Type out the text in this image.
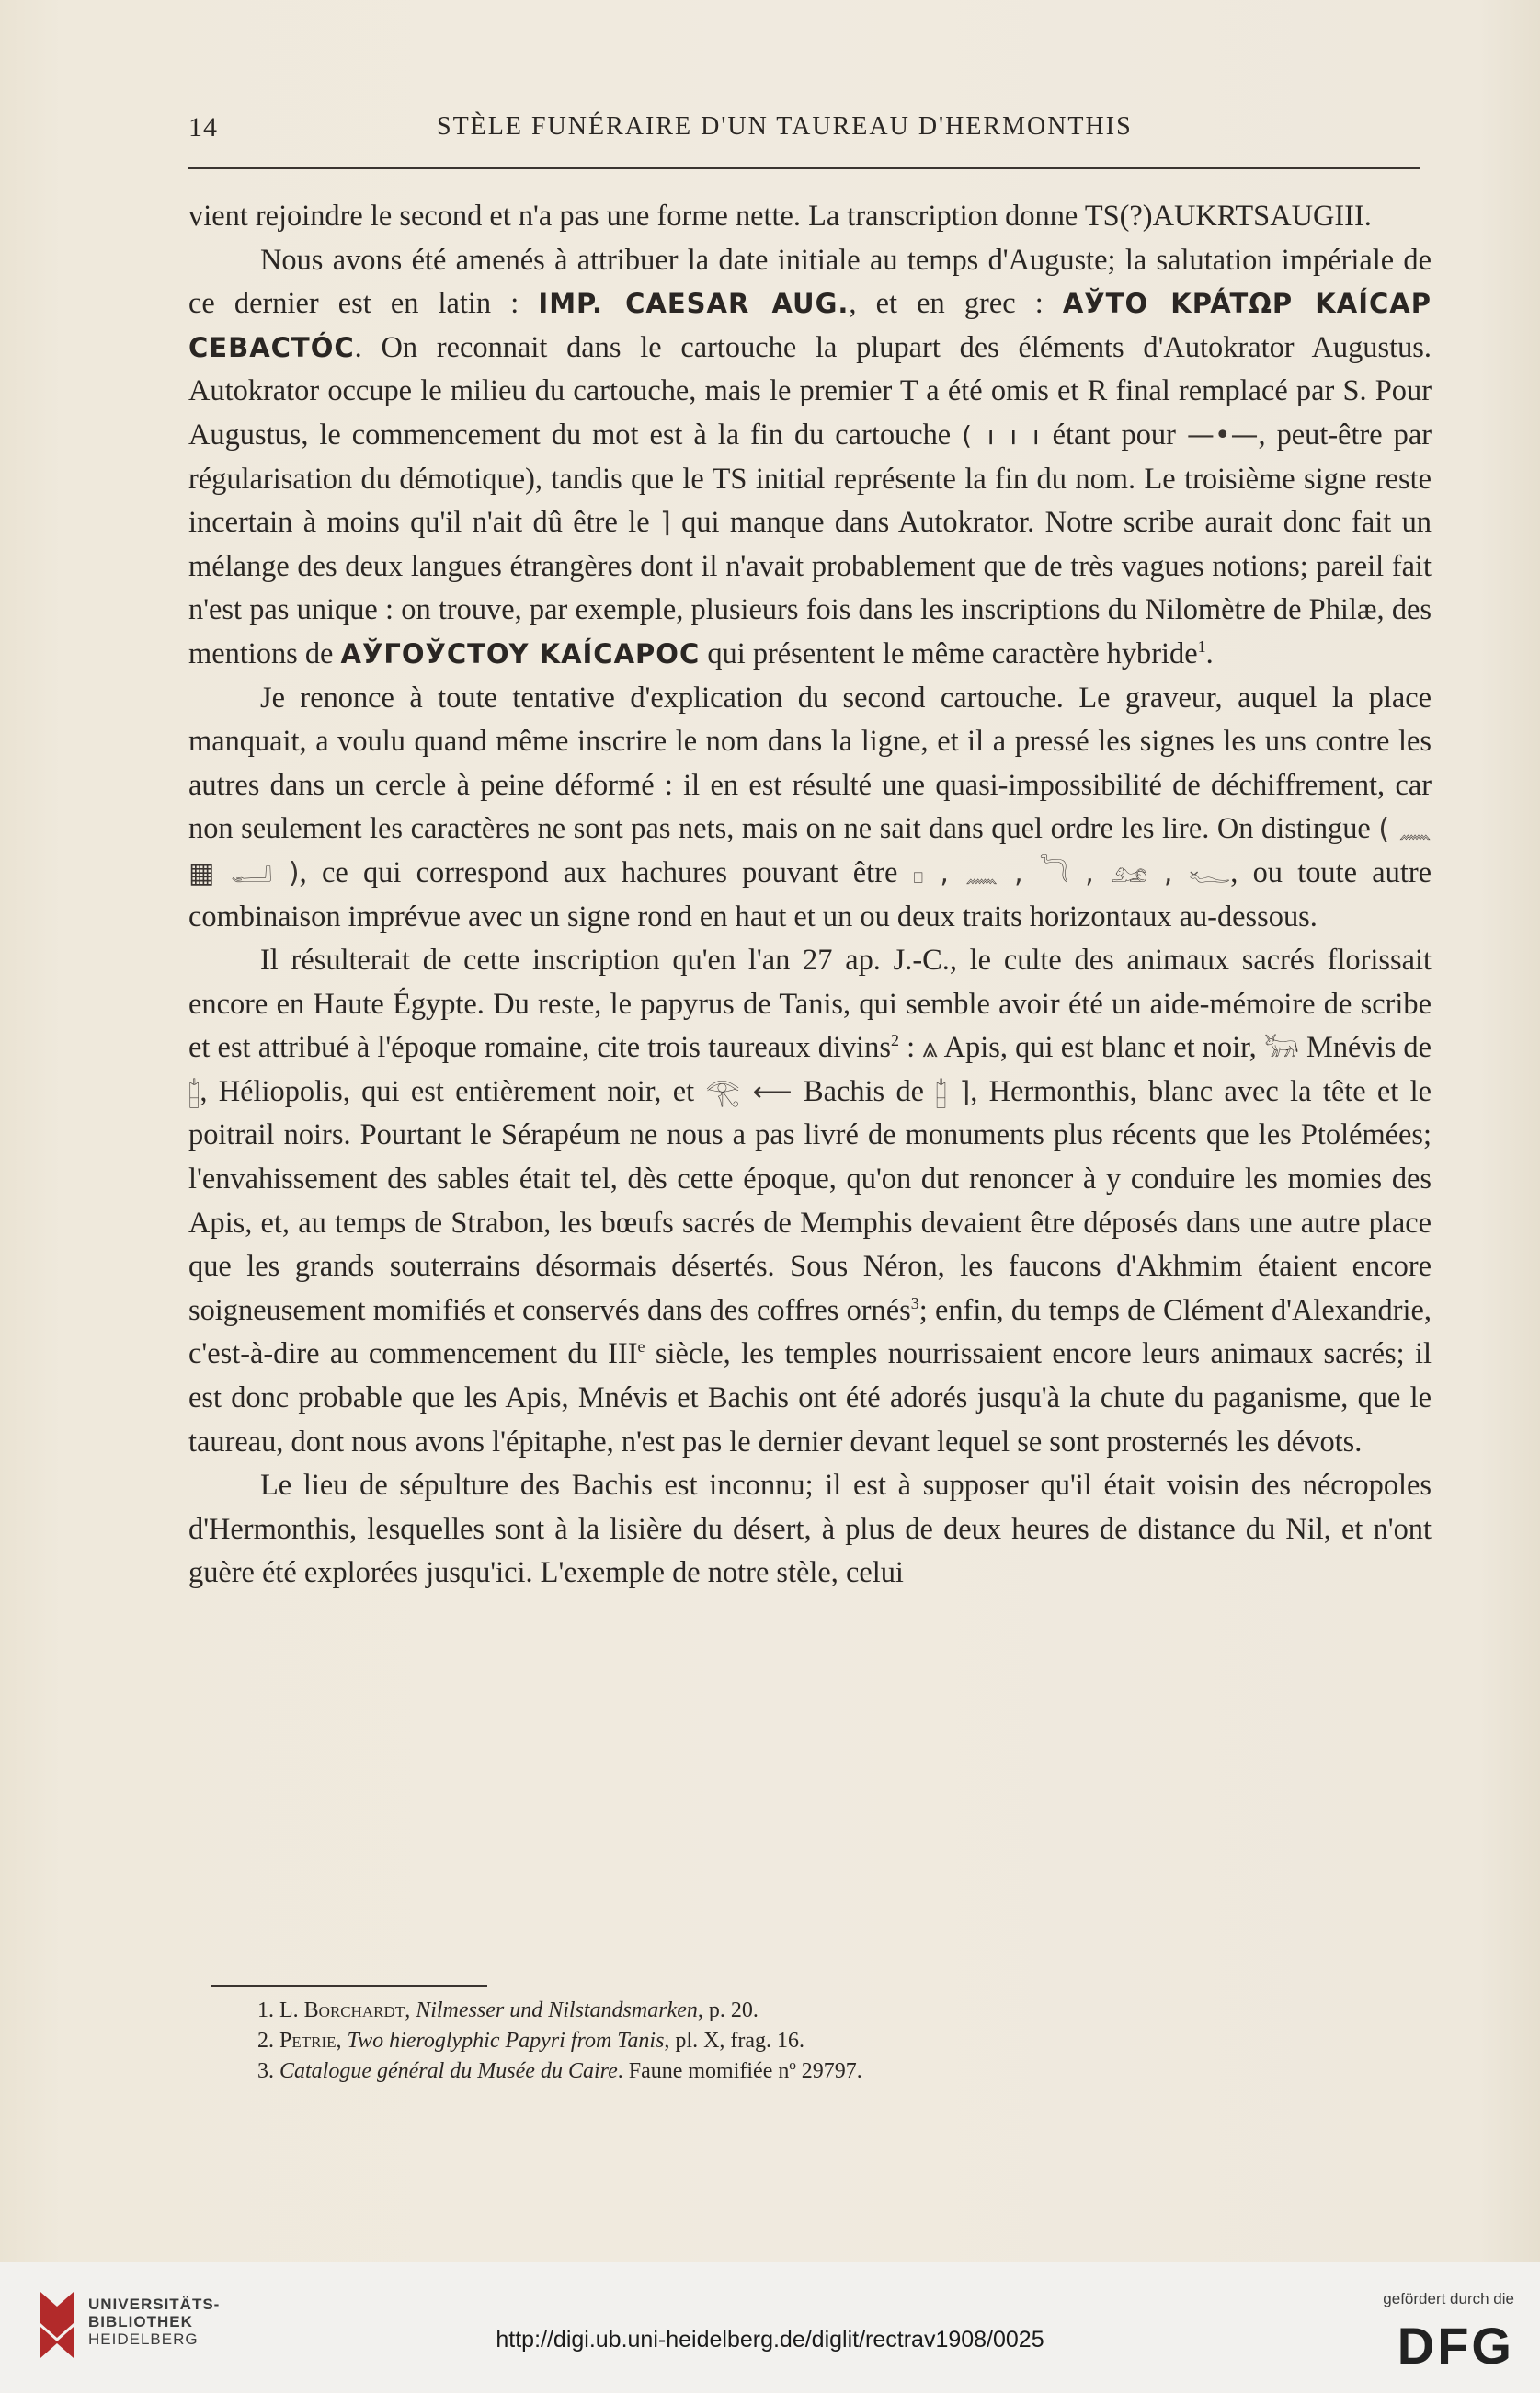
14	STÈLE FUNÉRAIRE D'UN TAUREAU D'HERMONTHIS

vient rejoindre le second et n'a pas une forme nette. La transcription donne TS(?)AUKRTSAUGIII.

Nous avons été amenés à attribuer la date initiale au temps d'Auguste; la salutation impériale de ce dernier est en latin : IMP. CAESAR AUG., et en grec : AЎTO KPÁTΩP KAÍCAP CEBACTÓC. On reconnait dans le cartouche la plupart des éléments d'Autokrator Augustus. Autokrator occupe le milieu du cartouche, mais le premier T a été omis et R final remplacé par S. Pour Augustus, le commencement du mot est à la fin du cartouche ( ı ı ı étant pour —•—, peut-être par régularisation du démotique), tandis que le TS initial représente la fin du nom. Le troisième signe reste incertain à moins qu'il n'ait dû être le ⌉ qui manque dans Autokrator. Notre scribe aurait donc fait un mélange des deux langues étrangères dont il n'avait probablement que de très vagues notions; pareil fait n'est pas unique : on trouve, par exemple, plusieurs fois dans les inscriptions du Nilomètre de Philæ, des mentions de AЎΓOЎCTOY KAÍCAPOC qui présentent le même caractère hybride$^1$.

Je renonce à toute tentative d'explication du second cartouche. Le graveur, auquel la place manquait, a voulu quand même inscrire le nom dans la ligne, et il a pressé les signes les uns contre les autres dans un cercle à peine déformé : il en est résulté une quasi-impossibilité de déchiffrement, car non seulement les caractères ne sont pas nets, mais on ne sait dans quel ordre les lire. On distingue ( 𓈖 ▦ 𓂝 ), ce qui correspond aux hachures pouvant être 𓊪 , 𓈖 , 𓆓 , 𓃭 , 𓆑, ou toute autre combinaison imprévue avec un signe rond en haut et un ou deux traits horizontaux au-dessous.

Il résulterait de cette inscription qu'en l'an 27 ap. J.-C., le culte des animaux sacrés florissait encore en Haute Égypte. Du reste, le papyrus de Tanis, qui semble avoir été un aide-mémoire de scribe et est attribué à l'époque romaine, cite trois taureaux divins$^2$ : ⩓ Apis, qui est blanc et noir, 𓃒 Mnévis de 𓉺, Héliopolis, qui est entièrement noir, et 𓂀 ⟵ Bachis de 𓉺 ⌉, Hermonthis, blanc avec la tête et le poitrail noirs. Pourtant le Sérapéum ne nous a pas livré de monuments plus récents que les Ptolémées; l'envahissement des sables était tel, dès cette époque, qu'on dut renoncer à y conduire les momies des Apis, et, au temps de Strabon, les bœufs sacrés de Memphis devaient être déposés dans une autre place que les grands souterrains désormais désertés. Sous Néron, les faucons d'Akhmim étaient encore soigneusement momifiés et conservés dans des coffres ornés$^3$; enfin, du temps de Clément d'Alexandrie, c'est-à-dire au commencement du IIIe siècle, les temples nourrissaient encore leurs animaux sacrés; il est donc probable que les Apis, Mnévis et Bachis ont été adorés jusqu'à la chute du paganisme, que le taureau, dont nous avons l'épitaphe, n'est pas le dernier devant lequel se sont prosternés les dévots.

Le lieu de sépulture des Bachis est inconnu; il est à supposer qu'il était voisin des nécropoles d'Hermonthis, lesquelles sont à la lisière du désert, à plus de deux heures de distance du Nil, et n'ont guère été explorées jusqu'ici. L'exemple de notre stèle, celui

1. L. Borchardt, Nilmesser und Nilstandsmarken, p. 20.
2. Petrie, Two hieroglyphic Papyri from Tanis, pl. X, frag. 16.
3. Catalogue général du Musée du Caire. Faune momifiée nº 29797.
UNIVERSITÄTS-
BIBLIOTHEK
HEIDELBERG	http://digi.ub.uni-heidelberg.de/diglit/rectrav1908/0025
gefördert durch die
DFG
